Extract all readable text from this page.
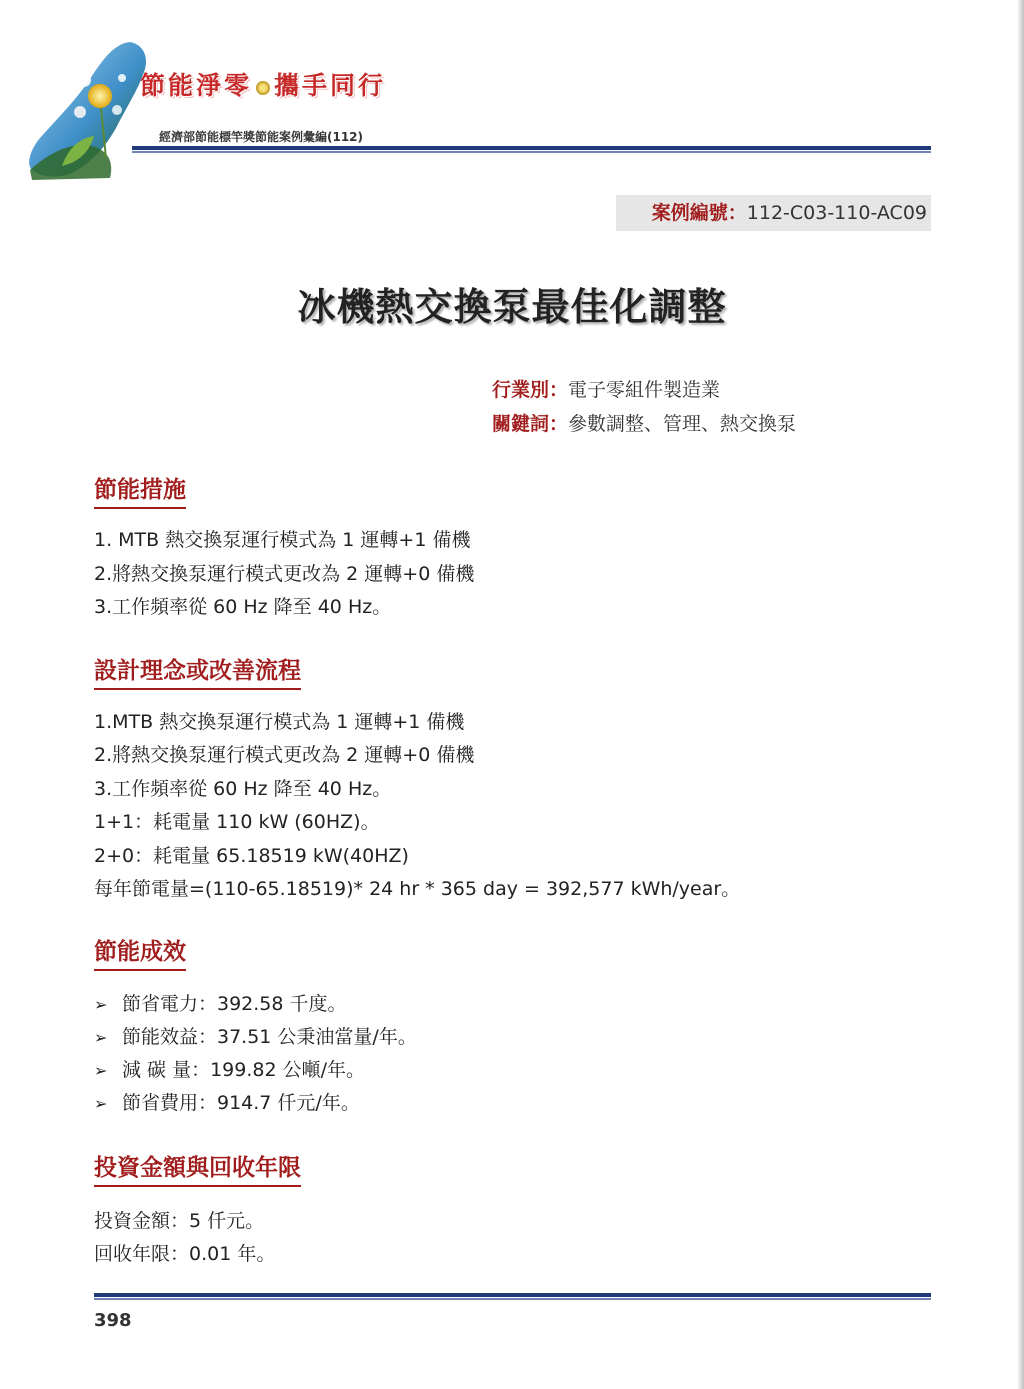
節能淨零 攜手同行
經濟部節能標竿獎節能案例彙編(112)
案例編號：112-C03-110-AC09
冰機熱交換泵最佳化調整
行業別：電子零組件製造業
關鍵詞：參數調整、管理、熱交換泵
節能措施
1. MTB 熱交換泵運行模式為 1 運轉+1 備機
2.將熱交換泵運行模式更改為 2 運轉+0 備機
3.工作頻率從 60 Hz 降至 40 Hz。
設計理念或改善流程
1.MTB 熱交換泵運行模式為 1 運轉+1 備機
2.將熱交換泵運行模式更改為 2 運轉+0 備機
3.工作頻率從 60 Hz 降至 40 Hz。
1+1：耗電量 110 kW (60HZ)。
2+0：耗電量 65.18519 kW(40HZ)
每年節電量=(110-65.18519)* 24 hr * 365 day = 392,577 kWh/year。
節能成效
➢ 節省電力：392.58 千度。
➢ 節能效益：37.51 公秉油當量/年。
➢ 減 碳 量：199.82 公噸/年。
➢ 節省費用：914.7 仟元/年。
投資金額與回收年限
投資金額：5 仟元。
回收年限：0.01 年。
398
